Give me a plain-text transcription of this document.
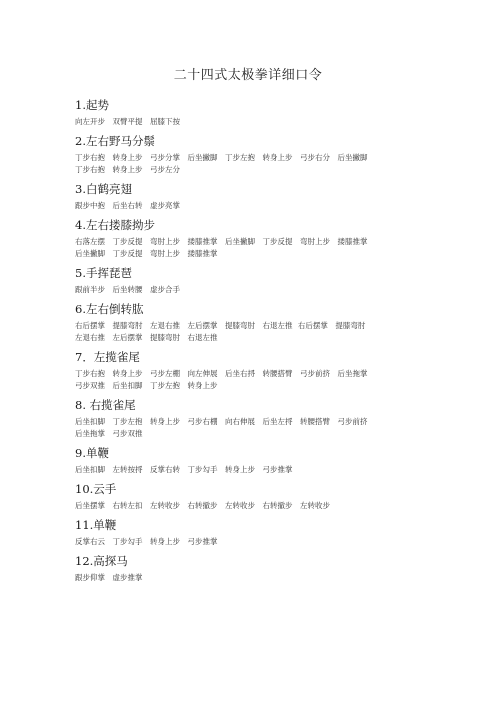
二十四式太极拳详细口令
1.起势
向左开步　双臂平提　屈膝下按
2.左右野马分鬃
丁步右抱　转身上步　弓步分掌　后坐撇脚　丁步左抱　转身上步　弓步右分　后坐撇脚
丁步右抱　转身上步　弓步左分
3.白鹤亮翅
跟步中抱　后坐右转　虚步亮掌
4.左右搂膝拗步
右落左摆　丁步反提　弯肘上步　搂膝推掌　后坐撇脚　丁步反提　弯肘上步　搂膝推掌
后坐撇脚　丁步反提　弯肘上步　搂膝推掌
5.手挥琵琶
跟前半步　后坐转腰　虚步合手
6.左右倒转肱
右后摆掌　提膝弯肘　左退右推　左后摆掌　提膝弯肘　右退左推 右后摆掌　提膝弯肘
左退右推　左后摆掌　提膝弯肘　右退左推
7．左揽雀尾
丁步右抱　转身上步　弓步左棚　向左伸展　后坐右捋　转腰搭臂　弓步前挤　后坐拖掌
弓步双推　后坐扣脚　丁步左抱　转身上步
8. 右揽雀尾
后坐扣脚　丁步左抱　转身上步　弓步右棚　向右伸展　后坐左捋　转腰搭臂　弓步前挤
后坐拖掌　弓步双推
9.单鞭
后坐扣脚　左转按捋　反掌右转　丁步勾手　转身上步　弓步推掌
10.云手
后坐摆掌　右转左扣　左转收步　右转撤步　左转收步　右转撤步　左转收步
11.单鞭
反掌右云　丁步勾手　转身上步　弓步推掌
12.高探马
跟步仰掌　虚步推掌
